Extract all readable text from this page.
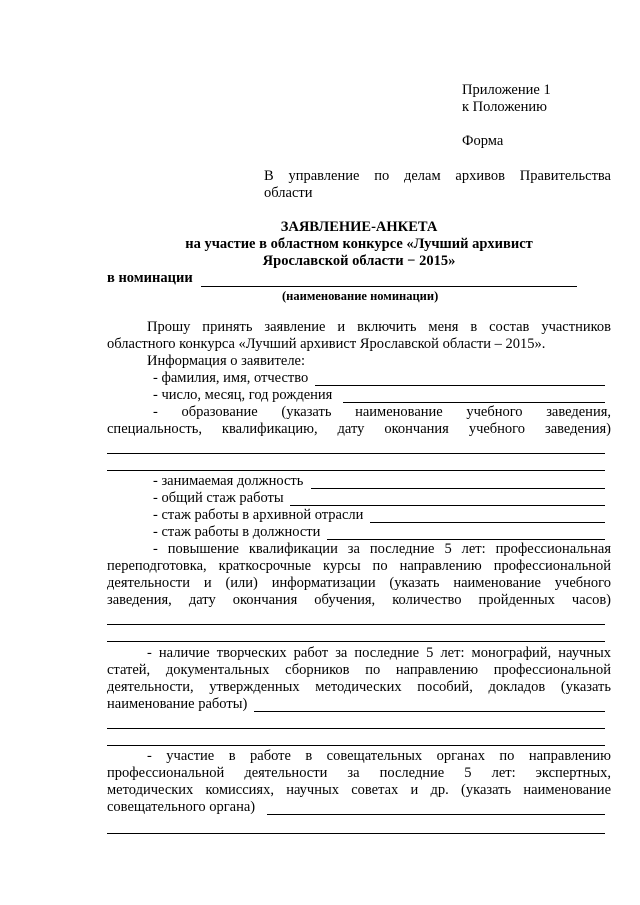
Приложение 1
к Положению
Форма
В управление по делам архивов Правительства
области
ЗАЯВЛЕНИЕ-АНКЕТА
на участие в областном конкурсе «Лучший архивист
Ярославской области − 2015»
в номинации
(наименование номинации)
Прошу принять заявление и включить меня в состав участников
областного конкурса «Лучший архивист Ярославской области – 2015».
Информация о заявителе:
- фамилия, имя, отчество
- число, месяц, год рождения
- образование (указать наименование учебного заведения,
специальность, квалификацию, дату окончания учебного заведения)
- занимаемая должность
- общий стаж работы
- стаж работы в архивной отрасли
- стаж работы в должности
- повышение квалификации за последние 5 лет: профессиональная
переподготовка, краткосрочные курсы по направлению профессиональной
деятельности и (или) информатизации (указать наименование учебного
заведения, дату окончания обучения, количество пройденных часов)
- наличие творческих работ за последние 5 лет: монографий, научных
статей, документальных сборников по направлению профессиональной
деятельности, утвержденных методических пособий, докладов (указать
наименование работы)
- участие в работе в совещательных органах по направлению
профессиональной деятельности за последние 5 лет: экспертных,
методических комиссиях, научных советах и др. (указать наименование
совещательного органа)
